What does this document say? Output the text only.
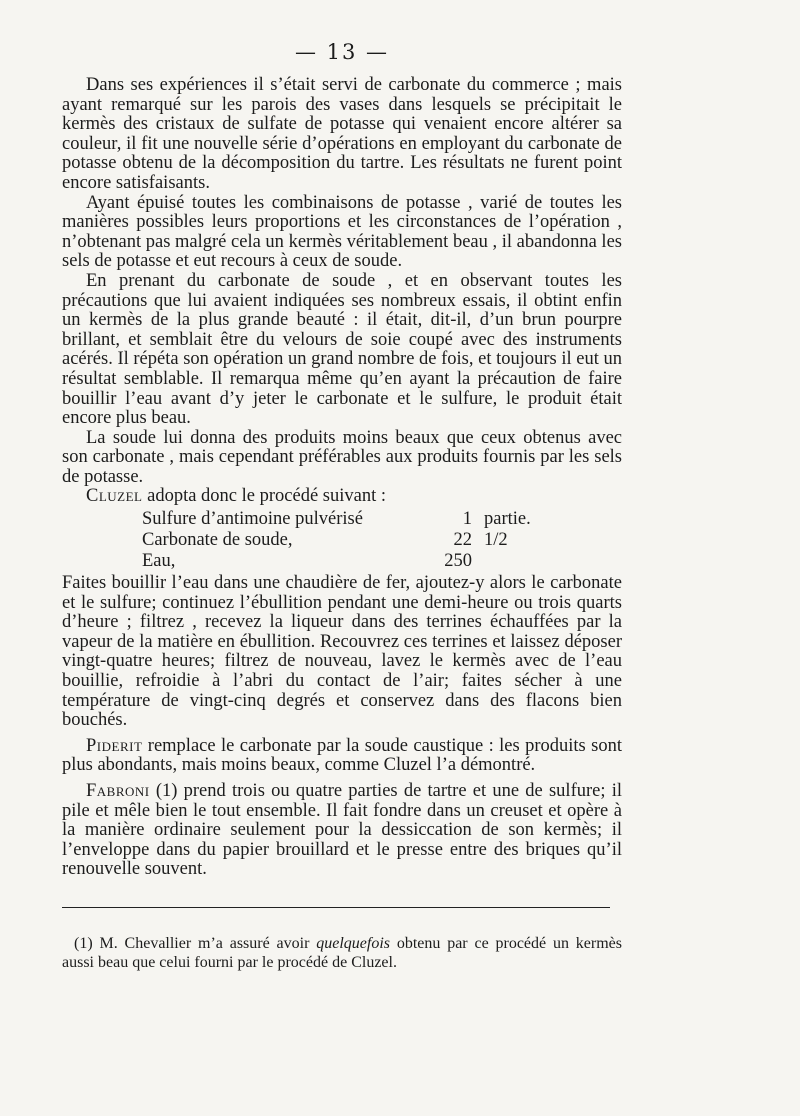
— 13 —

Dans ses expériences il s’était servi de carbonate du commerce ; mais ayant remarqué sur les parois des vases dans lesquels se précipitait le kermès des cristaux de sulfate de potasse qui venaient encore altérer sa couleur, il fit une nouvelle série d’opérations en employant du carbonate de potasse obtenu de la décomposition du tartre. Les résultats ne furent point encore satisfaisants.

Ayant épuisé toutes les combinaisons de potasse , varié de toutes les manières possibles leurs proportions et les circonstances de l’opération , n’obtenant pas malgré cela un kermès véritablement beau , il abandonna les sels de potasse et eut recours à ceux de soude.

En prenant du carbonate de soude , et en observant toutes les précautions que lui avaient indiquées ses nombreux essais, il obtint enfin un kermès de la plus grande beauté : il était, dit-il, d’un brun pourpre brillant, et semblait être du velours de soie coupé avec des instruments acérés. Il répéta son opération un grand nombre de fois, et toujours il eut un résultat semblable. Il remarqua même qu’en ayant la précaution de faire bouillir l’eau avant d’y jeter le carbonate et le sulfure, le produit était encore plus beau.

La soude lui donna des produits moins beaux que ceux obtenus avec son carbonate , mais cependant préférables aux produits fournis par les sels de potasse.

Cluzel adopta donc le procédé suivant :

Sulfure d’antimoine pulvérisé	1 partie.
Carbonate de soude,	22 1/2
Eau,	250

Faites bouillir l’eau dans une chaudière de fer, ajoutez-y alors le carbonate et le sulfure; continuez l’ébullition pendant une demi-heure ou trois quarts d’heure ; filtrez , recevez la liqueur dans des terrines échauffées par la vapeur de la matière en ébullition. Recouvrez ces terrines et laissez déposer vingt-quatre heures; filtrez de nouveau, lavez le kermès avec de l’eau bouillie, refroidie à l’abri du contact de l’air; faites sécher à une température de vingt-cinq degrés et conservez dans des flacons bien bouchés.

Piderit remplace le carbonate par la soude caustique : les produits sont plus abondants, mais moins beaux, comme Cluzel l’a démontré.

Fabroni (1) prend trois ou quatre parties de tartre et une de sulfure; il pile et mêle bien le tout ensemble. Il fait fondre dans un creuset et opère à la manière ordinaire seulement pour la dessiccation de son kermès; il l’enveloppe dans du papier brouillard et le presse entre des briques qu’il renouvelle souvent.

(1) M. Chevallier m’a assuré avoir quelquefois obtenu par ce procédé un kermès aussi beau que celui fourni par le procédé de Cluzel.
